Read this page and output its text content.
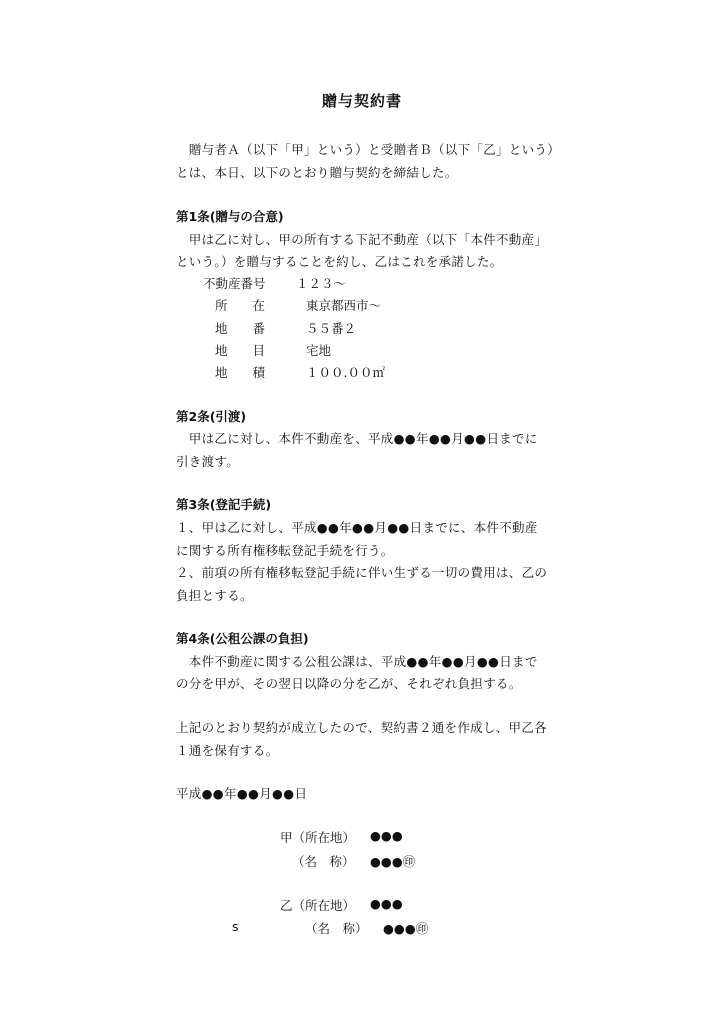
贈与契約書
　贈与者Ａ（以下「甲」という）と受贈者Ｂ（以下「乙」という）
とは、本日、以下のとおり贈与契約を締結した。
第1条(贈与の合意)
　甲は乙に対し、甲の所有する下記不動産（以下「本件不動産」
という。）を贈与することを約し、乙はこれを承諾した。
不動産番号 １２３～
所　　在	東京都西市～
地　　番	５５番２
地　　目	宅地
地　　積	１００.００㎡
第2条(引渡)
　甲は乙に対し、本件不動産を、平成●●年●●月●●日までに
引き渡す。
第3条(登記手続)
１、甲は乙に対し、平成●●年●●月●●日までに、本件不動産
に関する所有権移転登記手続を行う。
２、前項の所有権移転登記手続に伴い生ずる一切の費用は、乙の
負担とする。
第4条(公租公課の負担)
　本件不動産に関する公租公課は、平成●●年●●月●●日まで
の分を甲が、その翌日以降の分を乙が、それぞれ負担する。
上記のとおり契約が成立したので、契約書２通を作成し、甲乙各
１通を保有する。
平成●●年●●月●●日
甲（所在地） ●●●
（名　称） ●●●㊞
乙（所在地） ●●●
s	（名　称） ●●●㊞
